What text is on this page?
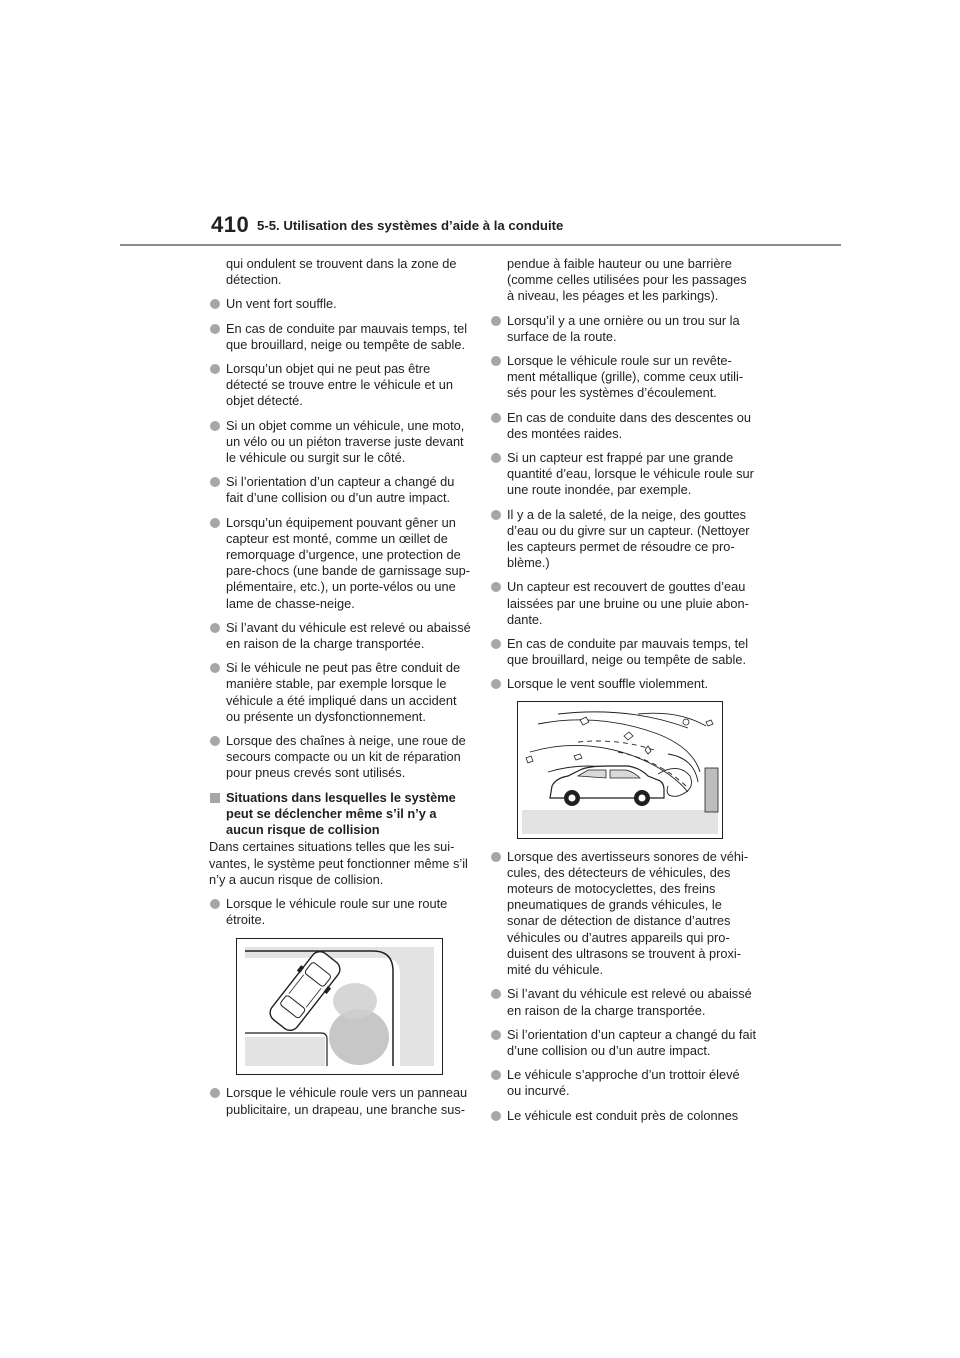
410 5-5. Utilisation des systèmes d’aide à la conduite
qui ondulent se trouvent dans la zone de détection.
Un vent fort souffle.
En cas de conduite par mauvais temps, tel que brouillard, neige ou tempête de sable.
Lorsqu’un objet qui ne peut pas être détecté se trouve entre le véhicule et un objet détecté.
Si un objet comme un véhicule, une moto, un vélo ou un piéton traverse juste devant le véhicule ou surgit sur le côté.
Si l’orientation d’un capteur a changé du fait d’une collision ou d’un autre impact.
Lorsqu’un équipement pouvant gêner un capteur est monté, comme un œillet de remorquage d’urgence, une protection de pare-chocs (une bande de garnissage sup-plémentaire, etc.), un porte-vélos ou une lame de chasse-neige.
Si l’avant du véhicule est relevé ou abaissé en raison de la charge transportée.
Si le véhicule ne peut pas être conduit de manière stable, par exemple lorsque le véhicule a été impliqué dans un accident ou présente un dysfonctionnement.
Lorsque des chaînes à neige, une roue de secours compacte ou un kit de réparation pour pneus crevés sont utilisés.
Situations dans lesquelles le système peut se déclencher même s’il n’y a aucun risque de collision
Dans certaines situations telles que les sui-vantes, le système peut fonctionner même s’il n’y a aucun risque de collision.
Lorsque le véhicule roule sur une route étroite.
Lorsque le véhicule roule vers un panneau publicitaire, un drapeau, une branche sus-
pendue à faible hauteur ou une barrière (comme celles utilisées pour les passages à niveau, les péages et les parkings).
Lorsqu’il y a une ornière ou un trou sur la surface de la route.
Lorsque le véhicule roule sur un revête-ment métallique (grille), comme ceux utili-sés pour les systèmes d’écoulement.
En cas de conduite dans des descentes ou des montées raides.
Si un capteur est frappé par une grande quantité d’eau, lorsque le véhicule roule sur une route inondée, par exemple.
Il y a de la saleté, de la neige, des gouttes d’eau ou du givre sur un capteur. (Nettoyer les capteurs permet de résoudre ce pro-blème.)
Un capteur est recouvert de gouttes d’eau laissées par une bruine ou une pluie abon-dante.
En cas de conduite par mauvais temps, tel que brouillard, neige ou tempête de sable.
Lorsque le vent souffle violemment.
Lorsque des avertisseurs sonores de véhi-cules, des détecteurs de véhicules, des moteurs de motocyclettes, des freins pneumatiques de grands véhicules, le sonar de détection de distance d’autres véhicules ou d’autres appareils qui pro-duisent des ultrasons se trouvent à proxi-mité du véhicule.
Si l’avant du véhicule est relevé ou abaissé en raison de la charge transportée.
Si l’orientation d’un capteur a changé du fait d’une collision ou d’un autre impact.
Le véhicule s’approche d’un trottoir élevé ou incurvé.
Le véhicule est conduit près de colonnes
